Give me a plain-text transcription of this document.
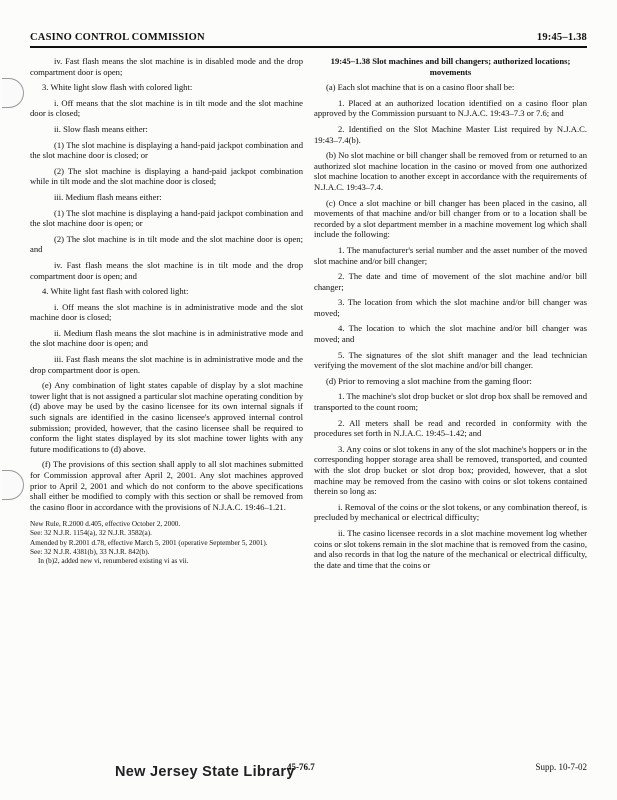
CASINO CONTROL COMMISSION	19:45–1.38

iv. Fast flash means the slot machine is in disabled mode and the drop compartment door is open;

3. White light slow flash with colored light:

i. Off means that the slot machine is in tilt mode and the slot machine door is closed;

ii. Slow flash means either:

(1) The slot machine is displaying a hand-paid jackpot combination and the slot machine door is closed; or

(2) The slot machine is displaying a hand-paid jackpot combination while in tilt mode and the slot machine door is closed;

iii. Medium flash means either:

(1) The slot machine is displaying a hand-paid jackpot combination and the slot machine door is open; or

(2) The slot machine is in tilt mode and the slot machine door is open; and

iv. Fast flash means the slot machine is in tilt mode and the drop compartment door is open; and

4. White light fast flash with colored light:

i. Off means the slot machine is in administrative mode and the slot machine door is closed;

ii. Medium flash means the slot machine is in administrative mode and the slot machine door is open; and

iii. Fast flash means the slot machine is in administrative mode and the drop compartment door is open.

(e) Any combination of light states capable of display by a slot machine tower light that is not assigned a particular slot machine operating condition by (d) above may be used by the casino licensee for its own internal signals if such signals are identified in the casino licensee's approved internal control submission; provided, however, that the casino licensee shall be required to conform the light states displayed by its slot machine tower lights with any future modifications to (d) above.

(f) The provisions of this section shall apply to all slot machines submitted for Commission approval after April 2, 2001. Any slot machines approved prior to April 2, 2001 and which do not conform to the above specifications shall either be modified to comply with this section or shall be removed from the casino floor in accordance with the provisions of N.J.A.C. 19:46–1.21.

New Rule, R.2000 d.405, effective October 2, 2000.
See: 32 N.J.R. 1154(a), 32 N.J.R. 3582(a).
Amended by R.2001 d.78, effective March 5, 2001 (operative September 5, 2001).
See: 32 N.J.R. 4381(b), 33 N.J.R. 842(b).
In (b)2, added new vi, renumbered existing vi as vii.

19:45–1.38 Slot machines and bill changers; authorized locations; movements

(a) Each slot machine that is on a casino floor shall be:

1. Placed at an authorized location identified on a casino floor plan approved by the Commission pursuant to N.J.A.C. 19:43–7.3 or 7.6; and

2. Identified on the Slot Machine Master List required by N.J.A.C. 19:43–7.4(b).

(b) No slot machine or bill changer shall be removed from or returned to an authorized slot machine location in the casino or moved from one authorized slot machine location to another except in accordance with the requirements of N.J.A.C. 19:43–7.4.

(c) Once a slot machine or bill changer has been placed in the casino, all movements of that machine and/or bill changer from or to a location shall be recorded by a slot department member in a machine movement log which shall include the following:

1. The manufacturer's serial number and the asset number of the moved slot machine and/or bill changer;

2. The date and time of movement of the slot machine and/or bill changer;

3. The location from which the slot machine and/or bill changer was moved;

4. The location to which the slot machine and/or bill changer was moved; and

5. The signatures of the slot shift manager and the lead technician verifying the movement of the slot machine and/or bill changer.

(d) Prior to removing a slot machine from the gaming floor:

1. The machine's slot drop bucket or slot drop box shall be removed and transported to the count room;

2. All meters shall be read and recorded in conformity with the procedures set forth in N.J.A.C. 19:45–1.42; and

3. Any coins or slot tokens in any of the slot machine's hoppers or in the corresponding hopper storage area shall be removed, transported, and counted with the slot drop bucket or slot drop box; provided, however, that a slot machine may be removed from the casino with coins or slot tokens contained therein so long as:

i. Removal of the coins or the slot tokens, or any combination thereof, is precluded by mechanical or electrical difficulty;

ii. The casino licensee records in a slot machine movement log whether coins or slot tokens remain in the slot machine that is removed from the casino, and also records in that log the nature of the mechanical or electrical difficulty, the date and time that the coins or

New Jersey State Library
45-76.7	Supp. 10-7-02
